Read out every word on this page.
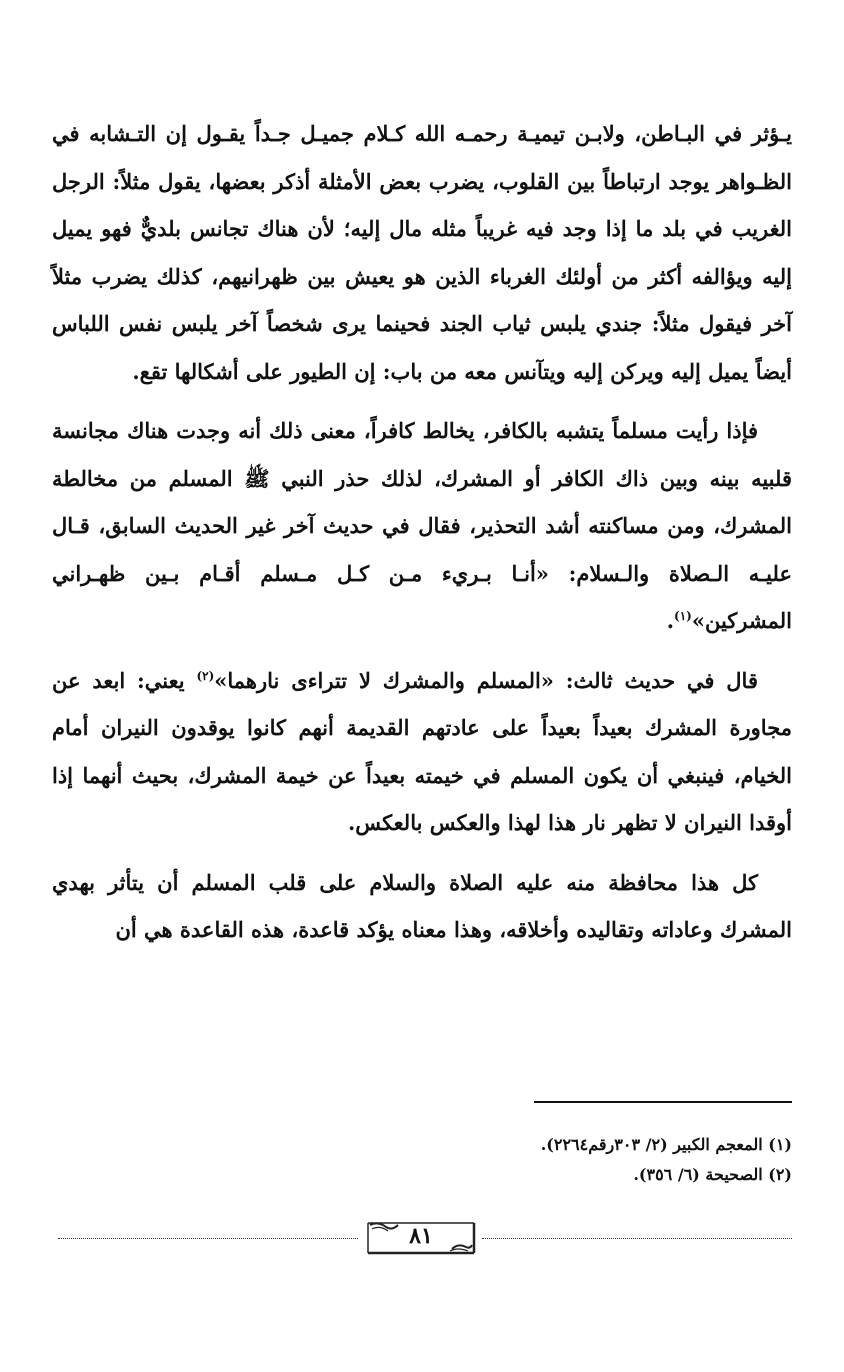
يـؤثر في البـاطن، ولابـن تيميـة رحمـه الله كـلام جميـل جـداً يقـول إن التـشابه في الظـواهر يوجد ارتباطاً بين القلوب، يضرب بعض الأمثلة أذكر بعضها، يقول مثلاً: الرجل الغريب في بلد ما إذا وجد فيه غريباً مثله مال إليه؛ لأن هناك تجانس بلديٌّ فهو يميل إليه ويؤالفه أكثر من أولئك الغرباء الذين هو يعيش بين ظهرانيهم، كذلك يضرب مثلاً آخر فيقول مثلاً: جندي يلبس ثياب الجند فحينما يرى شخصاً آخر يلبس نفس اللباس أيضاً يميل إليه ويركن إليه ويتآنس معه من باب: إن الطيور على أشكالها تقع.

فإذا رأيت مسلماً يتشبه بالكافر، يخالط كافراً، معنى ذلك أنه وجدت هناك مجانسة قلبيه بينه وبين ذاك الكافر أو المشرك، لذلك حذر النبي ﷺ المسلم من مخالطة المشرك، ومن مساكنته أشد التحذير، فقال في حديث آخر غير الحديث السابق، قـال عليـه الـصلاة والـسلام: «أنـا بـريء مـن كـل مـسلم أقـام بـين ظهـراني المشركين»$^{(١)}$.

قال في حديث ثالث: «المسلم والمشرك لا تتراءى نارهما»$^{(٢)}$ يعني: ابعد عن مجاورة المشرك بعيداً بعيداً على عادتهم القديمة أنهم كانوا يوقدون النيران أمام الخيام، فينبغي أن يكون المسلم في خيمته بعيداً عن خيمة المشرك، بحيث أنهما إذا أوقدا النيران لا تظهر نار هذا لهذا والعكس بالعكس.

كل هذا محافظة منه عليه الصلاة والسلام على قلب المسلم أن يتأثر بهدي المشرك وعاداته وتقاليده وأخلاقه، وهذا معناه يؤكد قاعدة، هذه القاعدة هي أن

(١) المعجم الكبير (٢/ ٣٠٣رقم٢٢٦٤).
(٢) الصحيحة (٦/ ٣٥٦).
٨١
